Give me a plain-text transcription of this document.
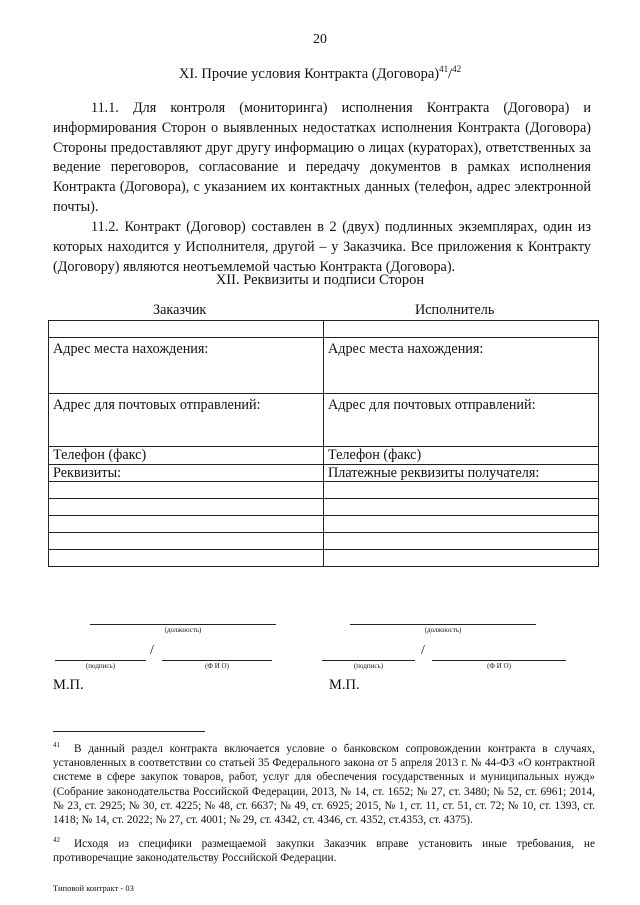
20
XI. Прочие условия Контракта (Договора)$^{41}$/$^{42}$
11.1. Для контроля (мониторинга) исполнения Контракта (Договора) и информирования Сторон о выявленных недостатках исполнения Контракта (Договора) Стороны предоставляют друг другу информацию о лицах (кураторах), ответственных за ведение переговоров, согласование и передачу документов в рамках исполнения Контракта (Договора), с указанием их контактных данных (телефон, адрес электронной почты).
11.2. Контракт (Договор) составлен в 2 (двух) подлинных экземплярах, один из которых находится у Исполнителя, другой – у Заказчика. Все приложения к Контракту (Договору) являются неотъемлемой частью Контракта (Договора).
XII. Реквизиты и подписи Сторон
Заказчик	Исполнитель

Адрес места нахождения:	Адрес места нахождения:
Адрес для почтовых отправлений:	Адрес для почтовых отправлений:
Телефон (факс)	Телефон (факс)
Реквизиты:	Платежные реквизиты получателя:

(должность)
/
(подпись)	(Ф И О)
М.П.
(должность)
/
(подпись)	(Ф И О)
М.П.
$^{41}$ В данный раздел контракта включается условие о банковском сопровождении контракта в случаях, установленных в соответствии со статьей 35 Федерального закона от 5 апреля 2013 г. № 44-ФЗ «О контрактной системе в сфере закупок товаров, работ, услуг для обеспечения государственных и муниципальных нужд» (Собрание законодательства Российской Федерации, 2013, № 14, ст. 1652; № 27, ст. 3480; № 52, ст. 6961; 2014, № 23, ст. 2925; № 30, ст. 4225; № 48, ст. 6637; № 49, ст. 6925; 2015, № 1, ст. 11, ст. 51, ст. 72; № 10, ст. 1393, ст. 1418; № 14, ст. 2022; № 27, ст. 4001; № 29, ст. 4342, ст. 4346, ст. 4352, ст.4353, ст. 4375).
$^{42}$ Исходя из специфики размещаемой закупки Заказчик вправе установить иные требования, не противоречащие законодательству Российской Федерации.
Типовой контракт - 03
